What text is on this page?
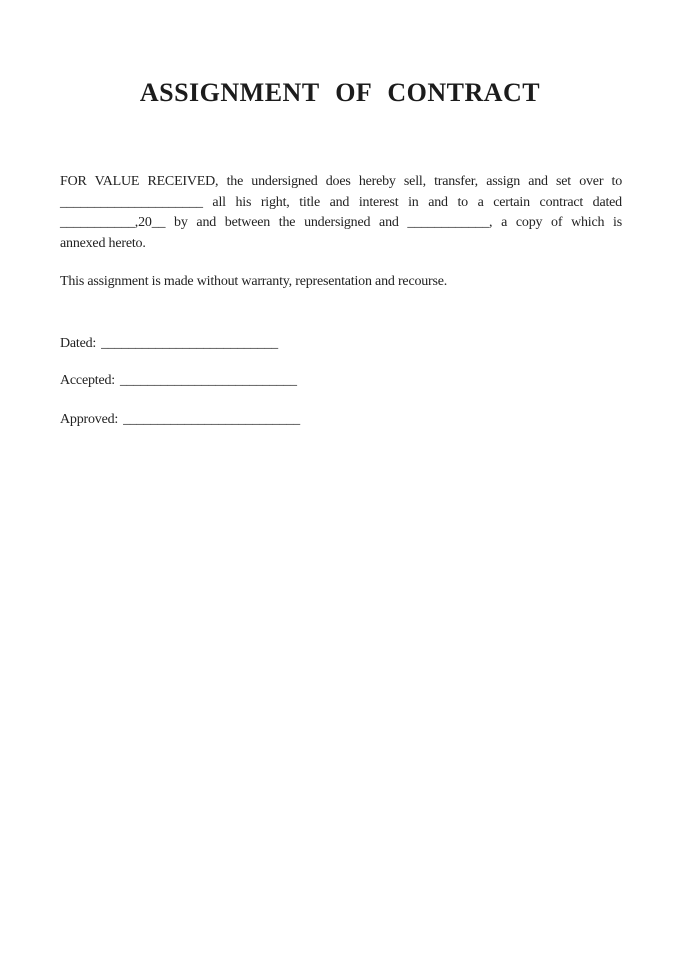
ASSIGNMENT OF CONTRACT
FOR VALUE RECEIVED, the undersigned does hereby sell, transfer, assign and set over to
_____________________ all his right, title and interest in and to a certain contract dated
___________,20__ by and between the undersigned and ____________, a copy of which is
annexed hereto.
This assignment is made without warranty, representation and recourse.
Dated: __________________________
Accepted: __________________________
Approved: __________________________
